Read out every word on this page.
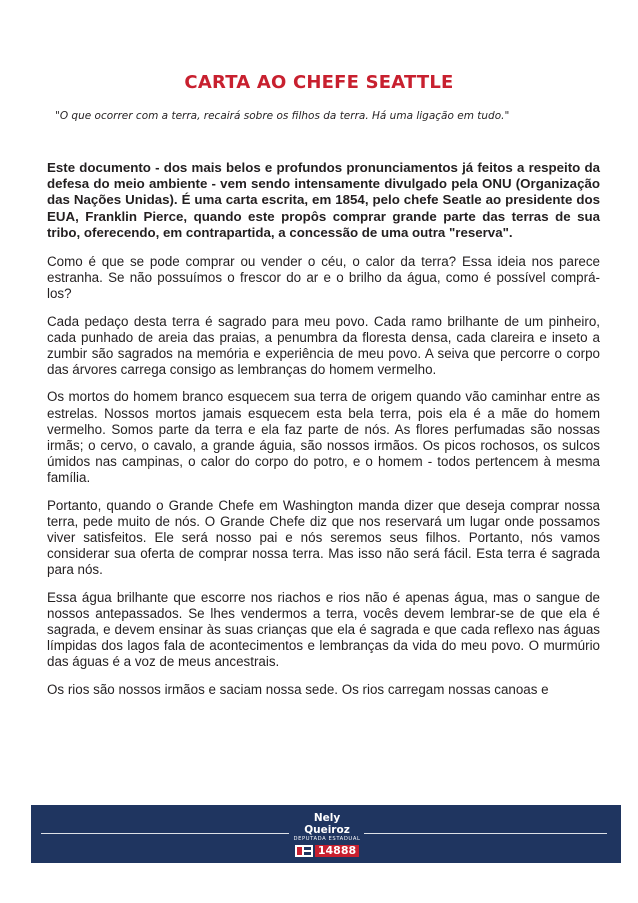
CARTA AO CHEFE SEATTLE
"O que ocorrer com a terra, recairá sobre os filhos da terra. Há uma ligação em tudo."

Este documento - dos mais belos e profundos pronunciamentos já feitos a respeito da defesa do meio ambiente - vem sendo intensamente divulgado pela ONU (Organização das Nações Unidas). É uma carta escrita, em 1854, pelo chefe Seatle ao presidente dos EUA, Franklin Pierce, quando este propôs comprar grande parte das terras de sua tribo, oferecendo, em contrapartida, a concessão de uma outra "reserva".

Como é que se pode comprar ou vender o céu, o calor da terra? Essa ideia nos parece estranha. Se não possuímos o frescor do ar e o brilho da água, como é possível comprá-los?

Cada pedaço desta terra é sagrado para meu povo. Cada ramo brilhante de um pinheiro, cada punhado de areia das praias, a penumbra da floresta densa, cada clareira e inseto a zumbir são sagrados na memória e experiência de meu povo. A seiva que percorre o corpo das árvores carrega consigo as lembranças do homem vermelho.

Os mortos do homem branco esquecem sua terra de origem quando vão caminhar entre as estrelas. Nossos mortos jamais esquecem esta bela terra, pois ela é a mãe do homem vermelho. Somos parte da terra e ela faz parte de nós. As flores perfumadas são nossas irmãs; o cervo, o cavalo, a grande águia, são nossos irmãos. Os picos rochosos, os sulcos úmidos nas campinas, o calor do corpo do potro, e o homem - todos pertencem à mesma família.

Portanto, quando o Grande Chefe em Washington manda dizer que deseja comprar nossa terra, pede muito de nós. O Grande Chefe diz que nos reservará um lugar onde possamos viver satisfeitos. Ele será nosso pai e nós seremos seus filhos. Portanto, nós vamos considerar sua oferta de comprar nossa terra. Mas isso não será fácil. Esta terra é sagrada para nós.

Essa água brilhante que escorre nos riachos e rios não é apenas água, mas o sangue de nossos antepassados. Se lhes vendermos a terra, vocês devem lembrar-se de que ela é sagrada, e devem ensinar às suas crianças que ela é sagrada e que cada reflexo nas águas límpidas dos lagos fala de acontecimentos e lembranças da vida do meu povo. O murmúrio das águas é a voz de meus ancestrais.

Os rios são nossos irmãos e saciam nossa sede. Os rios carregam nossas canoas e

Nely Queiroz
DEPUTADA ESTADUAL
14888
